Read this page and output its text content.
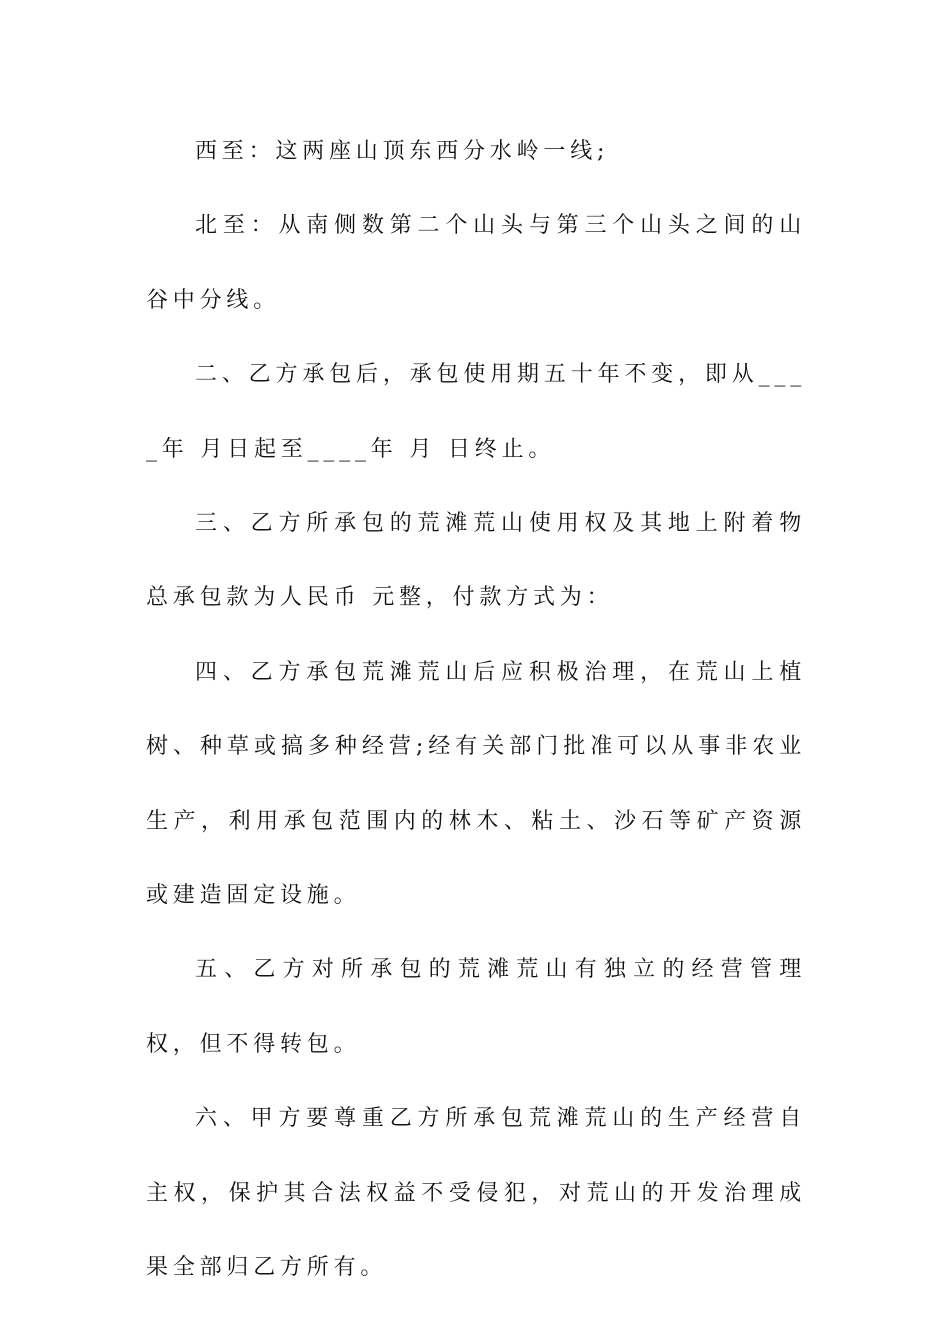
西至：这两座山顶东西分水岭一线;

北至：从南侧数第二个山头与第三个山头之间的山谷中分线。

二、乙方承包后，承包使用期五十年不变，即从____年 月日起至____年 月 日终止。

三、乙方所承包的荒滩荒山使用权及其地上附着物总承包款为人民币 元整，付款方式为：

四、乙方承包荒滩荒山后应积极治理，在荒山上植树、种草或搞多种经营;经有关部门批准可以从事非农业生产，利用承包范围内的林木、粘土、沙石等矿产资源或建造固定设施。

五、乙方对所承包的荒滩荒山有独立的经营管理权，但不得转包。

六、甲方要尊重乙方所承包荒滩荒山的生产经营自主权，保护其合法权益不受侵犯，对荒山的开发治理成果全部归乙方所有。
